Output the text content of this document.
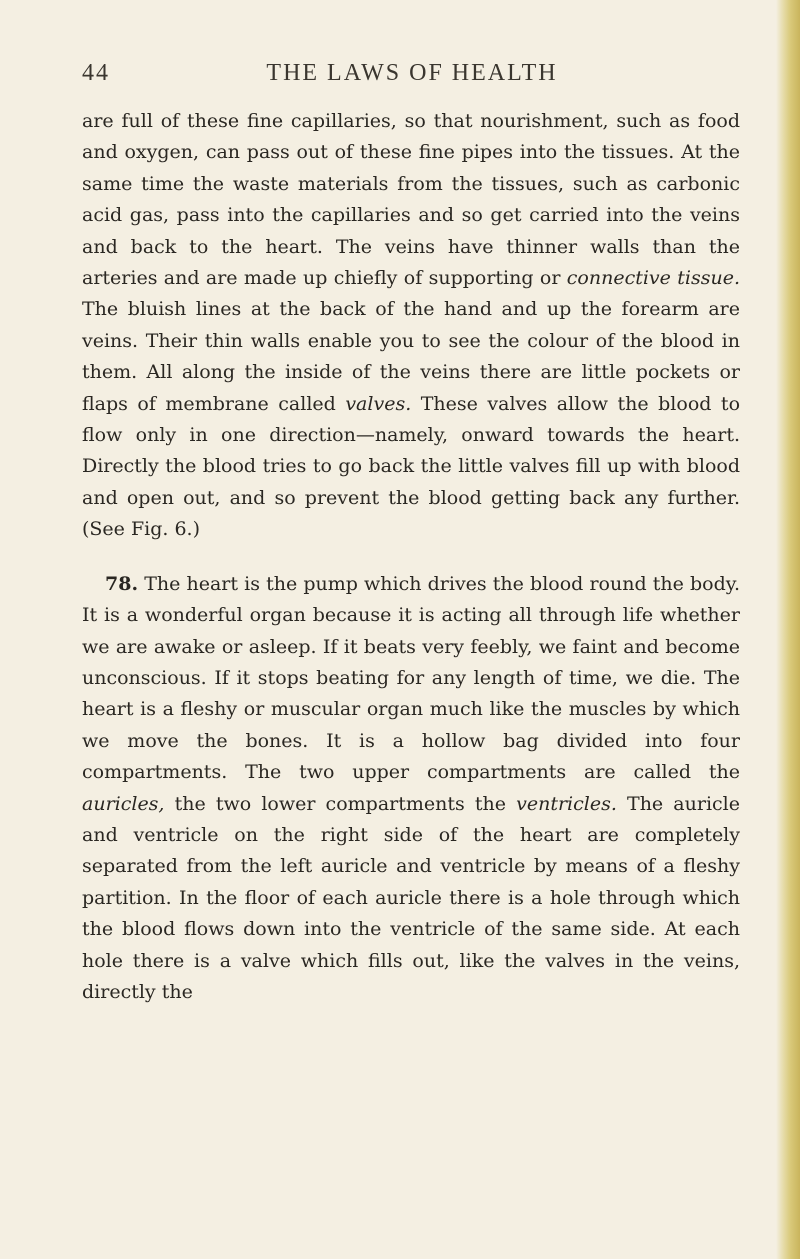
44	THE LAWS OF HEALTH

are full of these fine capillaries, so that nourishment, such as food and oxygen, can pass out of these fine pipes into the tissues. At the same time the waste materials from the tissues, such as carbonic acid gas, pass into the capillaries and so get carried into the veins and back to the heart. The veins have thinner walls than the arteries and are made up chiefly of supporting or connective tissue. The bluish lines at the back of the hand and up the forearm are veins. Their thin walls enable you to see the colour of the blood in them. All along the inside of the veins there are little pockets or flaps of membrane called valves. These valves allow the blood to flow only in one direction—namely, onward towards the heart. Directly the blood tries to go back the little valves fill up with blood and open out, and so prevent the blood getting back any further. (See Fig. 6.)

78. The heart is the pump which drives the blood round the body. It is a wonderful organ because it is acting all through life whether we are awake or asleep. If it beats very feebly, we faint and become unconscious. If it stops beating for any length of time, we die. The heart is a fleshy or muscular organ much like the muscles by which we move the bones. It is a hollow bag divided into four compartments. The two upper compartments are called the auricles, the two lower compartments the ventricles. The auricle and ventricle on the right side of the heart are completely separated from the left auricle and ventricle by means of a fleshy partition. In the floor of each auricle there is a hole through which the blood flows down into the ventricle of the same side. At each hole there is a valve which fills out, like the valves in the veins, directly the
